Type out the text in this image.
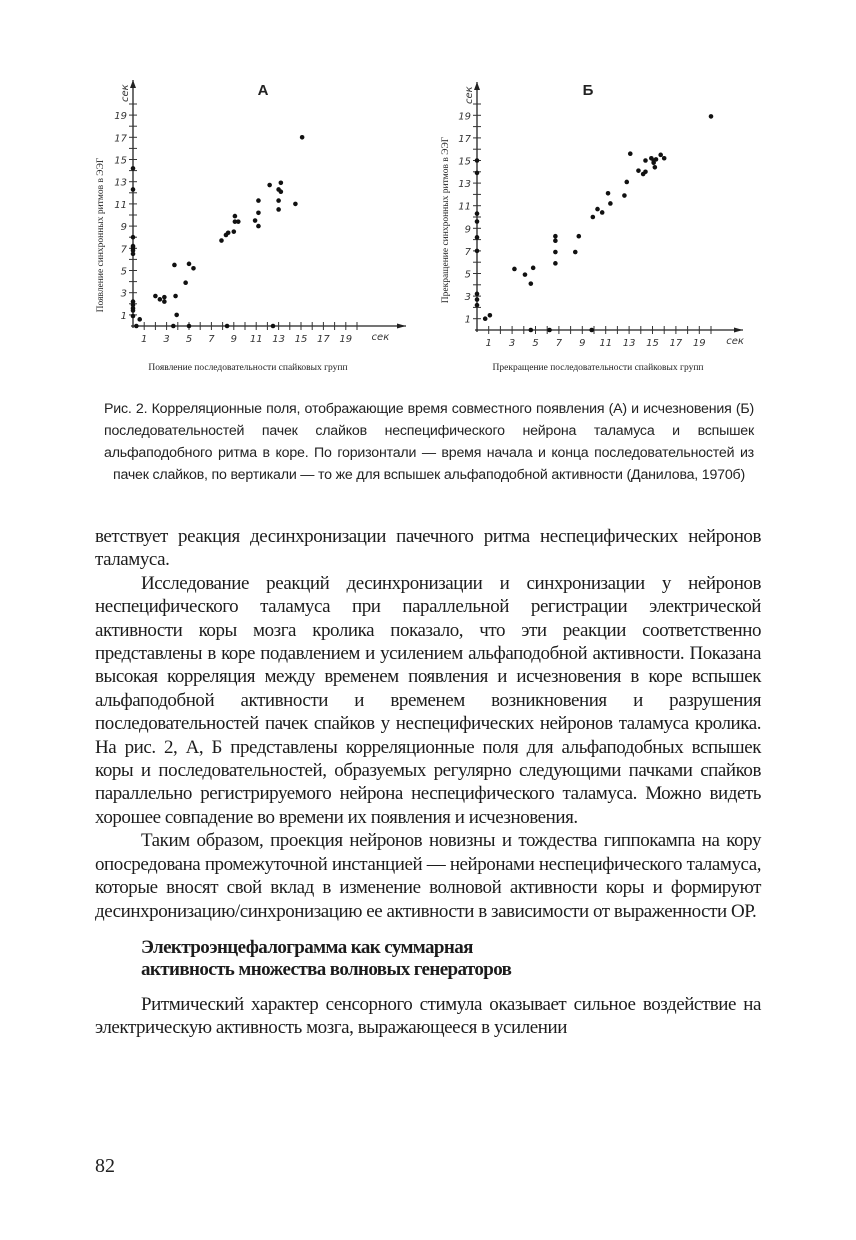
1 3 5 7 9 11 13 15 17 19
1
3
5
7
9
11
13
15
17
19
сек
сек	А
Появление последовательности спайковых групп
Появление синхронных ритмов в ЭЭГ
1 3 5 7 9 11 13 15 17 19
1
3
5
7
9
11
13
15
17
19
сек
сек	Б
Прекращение последовательности спайковых групп
Прекращение синхронных ритмов в ЭЭГ
Рис. 2. Корреляционные поля, отображающие время совместного появления (А) и исчезновения (Б) последовательностей пачек слайков неспецифического нейрона таламуса и вспышек альфаподобного ритма в коре. По горизонтали — время начала и конца последовательностей из пачек слайков, по вертикали — то же для вспышек альфаподобной активности (Данилова, 1970б)

ветствует реакция десинхронизации пачечного ритма неспецифических нейронов таламуса.

Исследование реакций десинхронизации и синхронизации у нейронов неспецифического таламуса при параллельной регистрации электрической активности коры мозга кролика показало, что эти реакции соответственно представлены в коре подавлением и усилением альфаподобной активности. Показана высокая корреляция между временем появления и исчезновения в коре вспышек альфаподобной активности и временем возникновения и разрушения последовательностей пачек спайков у неспецифических нейронов таламуса кролика. На рис. 2, А, Б представлены корреляционные поля для альфаподобных вспышек коры и последовательностей, образуемых регулярно следующими пачками спайков параллельно регистрируемого нейрона неспецифического таламуса. Можно видеть хорошее совпадение во времени их появления и исчезновения.

Таким образом, проекция нейронов новизны и тождества гиппокампа на кору опосредована промежуточной инстанцией — нейронами неспецифического таламуса, которые вносят свой вклад в изменение волновой активности коры и формируют десинхронизацию/синхронизацию ее активности в зависимости от выраженности ОР.

Электроэнцефалограмма как суммарная
активность множества волновых генераторов

Ритмический характер сенсорного стимула оказывает сильное воздействие на электрическую активность мозга, выражающееся в усилении

82
